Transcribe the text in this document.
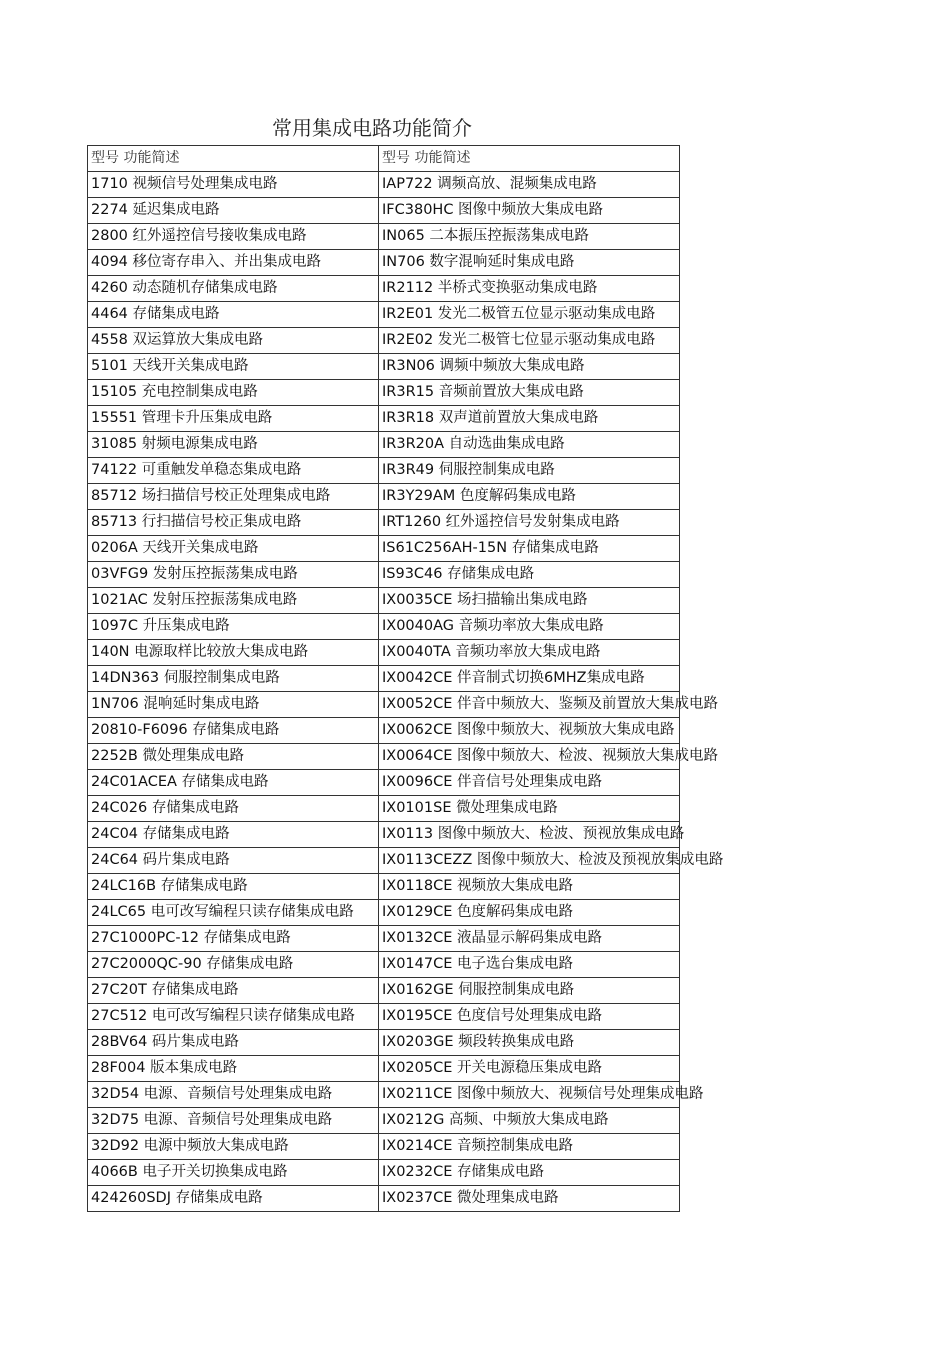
常用集成电路功能简介
型号 功能简述	型号 功能简述

1710 视频信号处理集成电路	IAP722 调频高放、混频集成电路

2274 延迟集成电路	IFC380HC 图像中频放大集成电路

2800 红外遥控信号接收集成电路	IN065 二本振压控振荡集成电路

4094 移位寄存串入、并出集成电路	IN706 数字混响延时集成电路

4260 动态随机存储集成电路	IR2112 半桥式变换驱动集成电路

4464 存储集成电路	IR2E01 发光二极管五位显示驱动集成电路

4558 双运算放大集成电路	IR2E02 发光二极管七位显示驱动集成电路

5101 天线开关集成电路	IR3N06 调频中频放大集成电路

15105 充电控制集成电路	IR3R15 音频前置放大集成电路

15551 管理卡升压集成电路	IR3R18 双声道前置放大集成电路

31085 射频电源集成电路	IR3R20A 自动选曲集成电路

74122 可重触发单稳态集成电路	IR3R49 伺服控制集成电路

85712 场扫描信号校正处理集成电路	IR3Y29AM 色度解码集成电路

85713 行扫描信号校正集成电路	IRT1260 红外遥控信号发射集成电路

0206A 天线开关集成电路	IS61C256AH-15N 存储集成电路

03VFG9 发射压控振荡集成电路	IS93C46 存储集成电路

1021AC 发射压控振荡集成电路	IX0035CE 场扫描输出集成电路

1097C 升压集成电路	IX0040AG 音频功率放大集成电路

140N 电源取样比较放大集成电路	IX0040TA 音频功率放大集成电路

14DN363 伺服控制集成电路	IX0042CE 伴音制式切换6MHZ集成电路

1N706 混响延时集成电路	IX0052CE 伴音中频放大、鉴频及前置放大集成电路

20810-F6096 存储集成电路	IX0062CE 图像中频放大、视频放大集成电路

2252B 微处理集成电路	IX0064CE 图像中频放大、检波、视频放大集成电路

24C01ACEA 存储集成电路	IX0096CE 伴音信号处理集成电路

24C026 存储集成电路	IX0101SE 微处理集成电路

24C04 存储集成电路	IX0113 图像中频放大、检波、预视放集成电路

24C64 码片集成电路	IX0113CEZZ 图像中频放大、检波及预视放集成电路

24LC16B 存储集成电路	IX0118CE 视频放大集成电路

24LC65 电可改写编程只读存储集成电路	IX0129CE 色度解码集成电路

27C1000PC-12 存储集成电路	IX0132CE 液晶显示解码集成电路

27C2000QC-90 存储集成电路	IX0147CE 电子选台集成电路

27C20T 存储集成电路	IX0162GE 伺服控制集成电路

27C512 电可改写编程只读存储集成电路	IX0195CE 色度信号处理集成电路

28BV64 码片集成电路	IX0203GE 频段转换集成电路

28F004 版本集成电路	IX0205CE 开关电源稳压集成电路

32D54 电源、音频信号处理集成电路	IX0211CE 图像中频放大、视频信号处理集成电路

32D75 电源、音频信号处理集成电路	IX0212G 高频、中频放大集成电路

32D92 电源中频放大集成电路	IX0214CE 音频控制集成电路

4066B 电子开关切换集成电路	IX0232CE 存储集成电路

424260SDJ 存储集成电路	IX0237CE 微处理集成电路
